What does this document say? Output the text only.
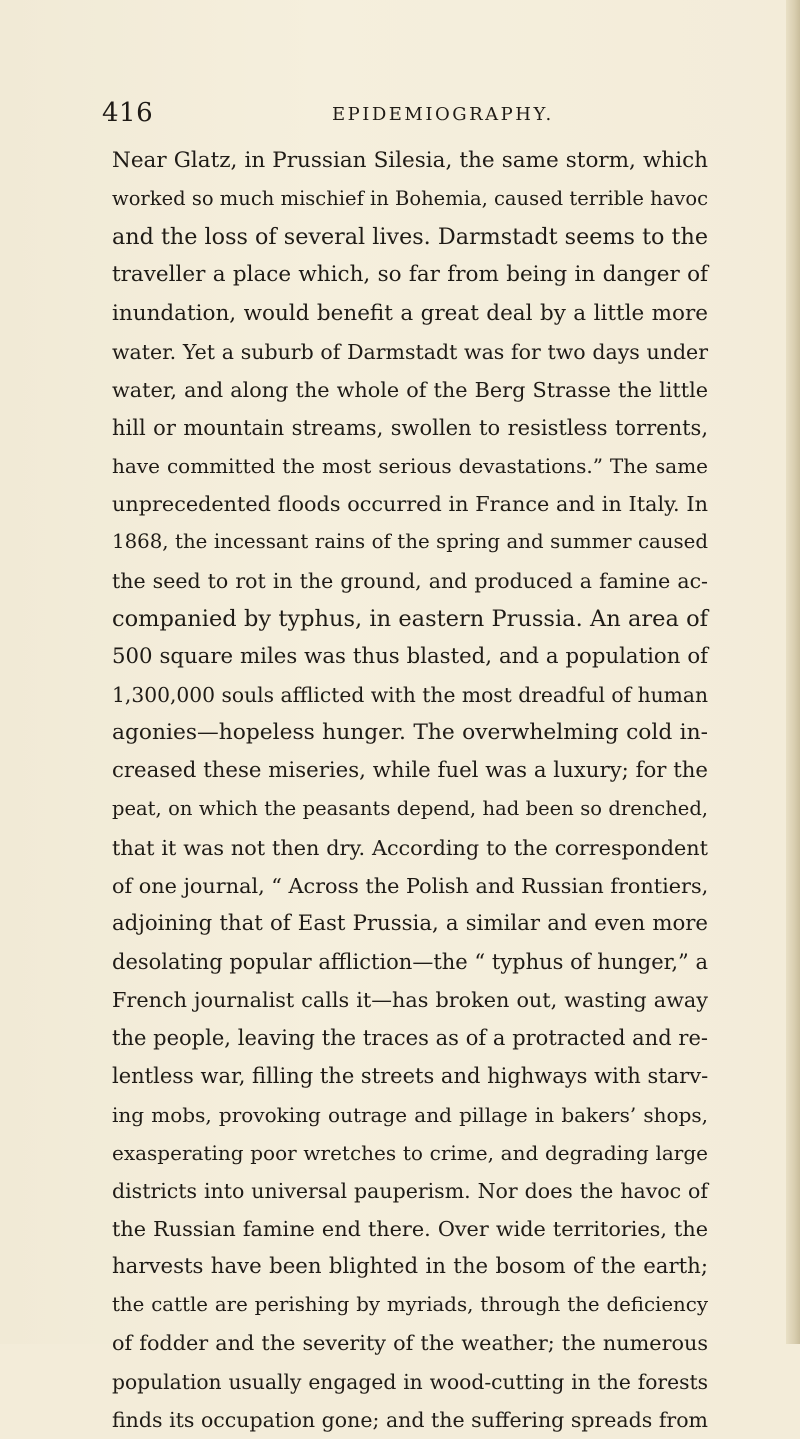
416	EPIDEMIOGRAPHY.
Near Glatz, in Prussian Silesia, the same storm, which
worked so much mischief in Bohemia, caused terrible havoc
and the loss of several lives. Darmstadt seems to the
traveller a place which, so far from being in danger of
inundation, would benefit a great deal by a little more
water. Yet a suburb of Darmstadt was for two days under
water, and along the whole of the Berg Strasse the little
hill or mountain streams, swollen to resistless torrents,
have committed the most serious devastations.” The same
unprecedented floods occurred in France and in Italy. In
1868, the incessant rains of the spring and summer caused
the seed to rot in the ground, and produced a famine ac-
companied by typhus, in eastern Prussia. An area of
500 square miles was thus blasted, and a population of
1,300,000 souls afflicted with the most dreadful of human
agonies—hopeless hunger. The overwhelming cold in-
creased these miseries, while fuel was a luxury; for the
peat, on which the peasants depend, had been so drenched,
that it was not then dry. According to the correspondent
of one journal, “ Across the Polish and Russian frontiers,
adjoining that of East Prussia, a similar and even more
desolating popular affliction—the “ typhus of hunger,” a
French journalist calls it—has broken out, wasting away
the people, leaving the traces as of a protracted and re-
lentless war, filling the streets and highways with starv-
ing mobs, provoking outrage and pillage in bakers’ shops,
exasperating poor wretches to crime, and degrading large
districts into universal pauperism. Nor does the havoc of
the Russian famine end there. Over wide territories, the
harvests have been blighted in the bosom of the earth;
the cattle are perishing by myriads, through the deficiency
of fodder and the severity of the weather; the numerous
population usually engaged in wood-cutting in the forests
finds its occupation gone; and the suffering spreads from
